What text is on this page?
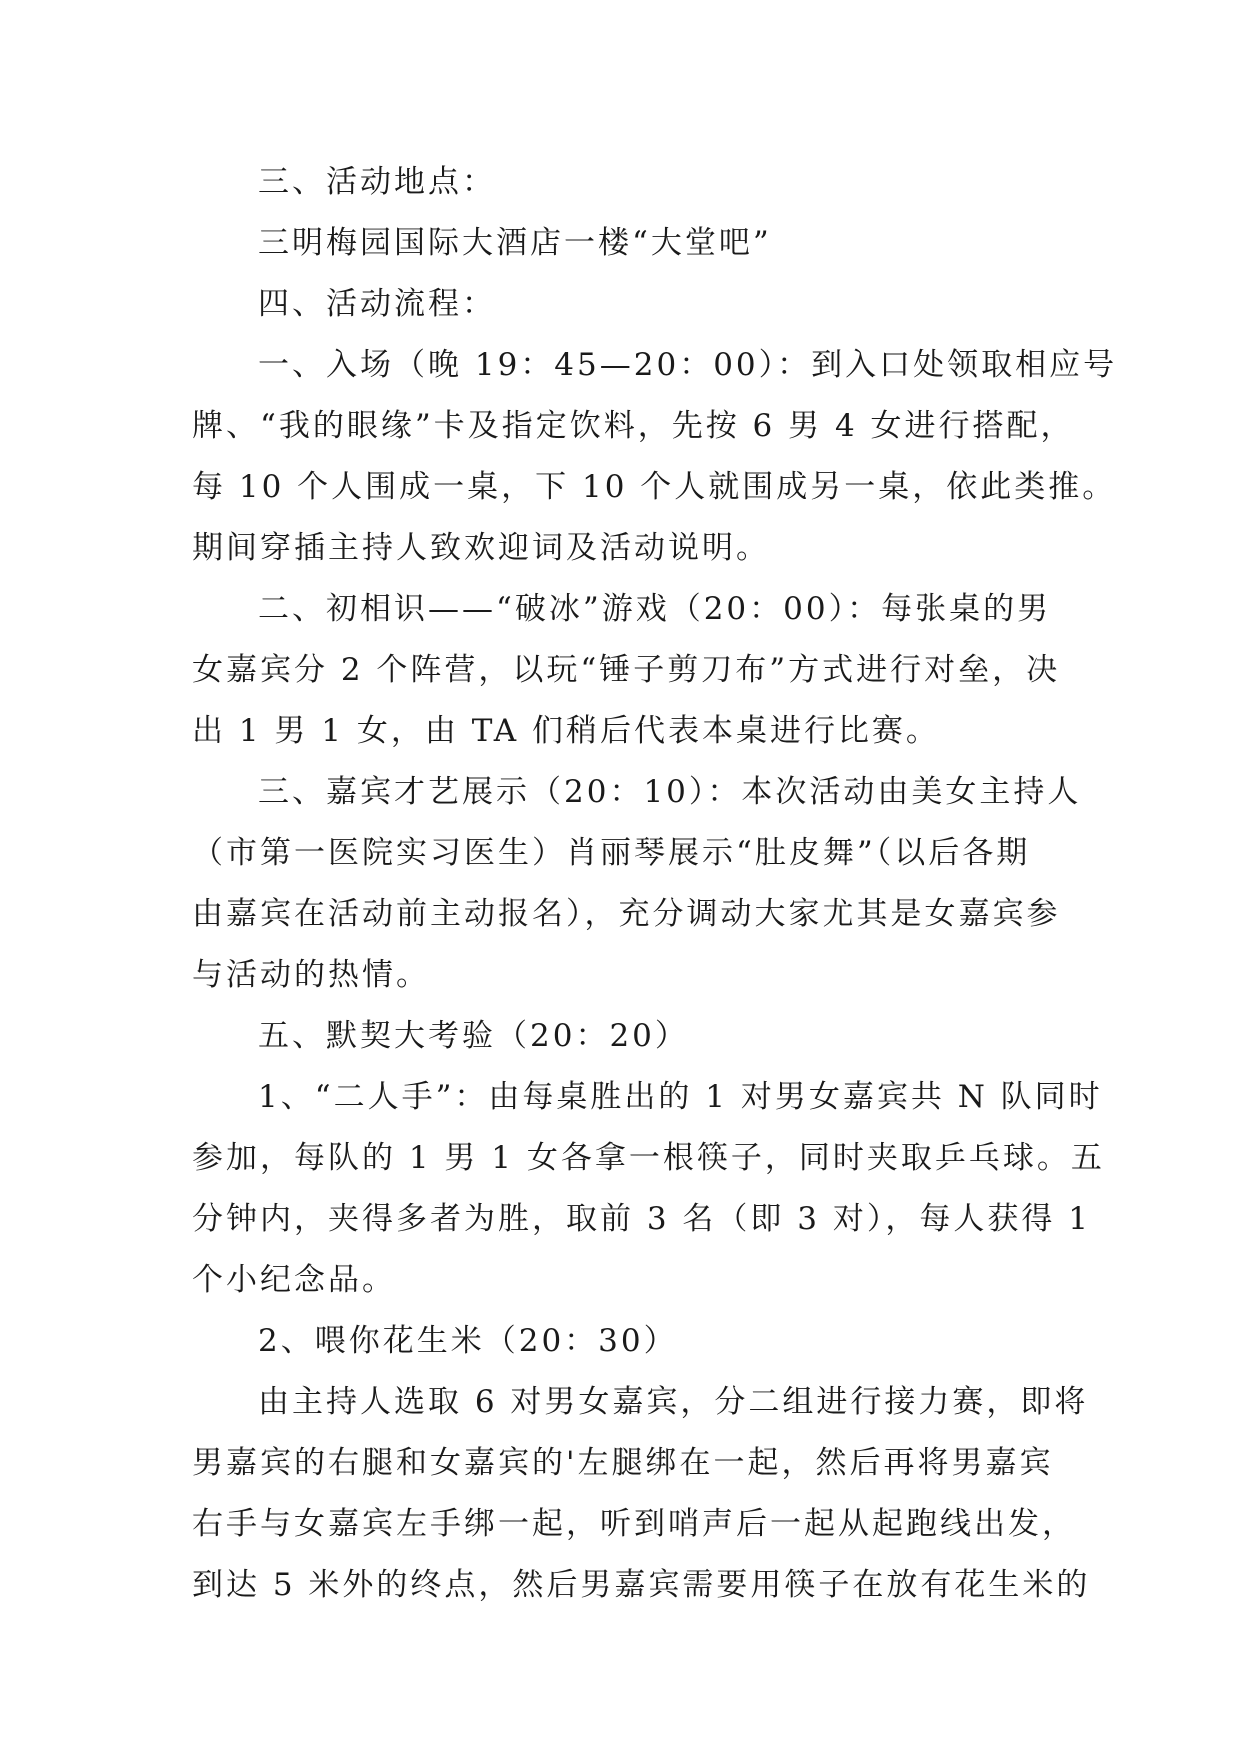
三、活动地点：
三明梅园国际大酒店一楼“大堂吧”
四、活动流程：
一、入场（晚 19：45—20：00）：到入口处领取相应号
牌、“我的眼缘”卡及指定饮料，先按 6 男 4 女进行搭配，
每 10 个人围成一桌，下 10 个人就围成另一桌，依此类推。
期间穿插主持人致欢迎词及活动说明。
二、初相识——“破冰”游戏（20：00）：每张桌的男
女嘉宾分 2 个阵营，以玩“锤子剪刀布”方式进行对垒，决
出 1 男 1 女，由 TA 们稍后代表本桌进行比赛。
三、嘉宾才艺展示（20：10）：本次活动由美女主持人
（市第一医院实习医生）肖丽琴展示“肚皮舞”（以后各期
由嘉宾在活动前主动报名），充分调动大家尤其是女嘉宾参
与活动的热情。
五、默契大考验（20：20）
1、“二人手”：由每桌胜出的 1 对男女嘉宾共 N 队同时
参加，每队的 1 男 1 女各拿一根筷子，同时夹取乒乓球。五
分钟内，夹得多者为胜，取前 3 名（即 3 对），每人获得 1
个小纪念品。
2、喂你花生米（20：30）
由主持人选取 6 对男女嘉宾，分二组进行接力赛，即将
男嘉宾的右腿和女嘉宾的'左腿绑在一起，然后再将男嘉宾
右手与女嘉宾左手绑一起，听到哨声后一起从起跑线出发，
到达 5 米外的终点，然后男嘉宾需要用筷子在放有花生米的
